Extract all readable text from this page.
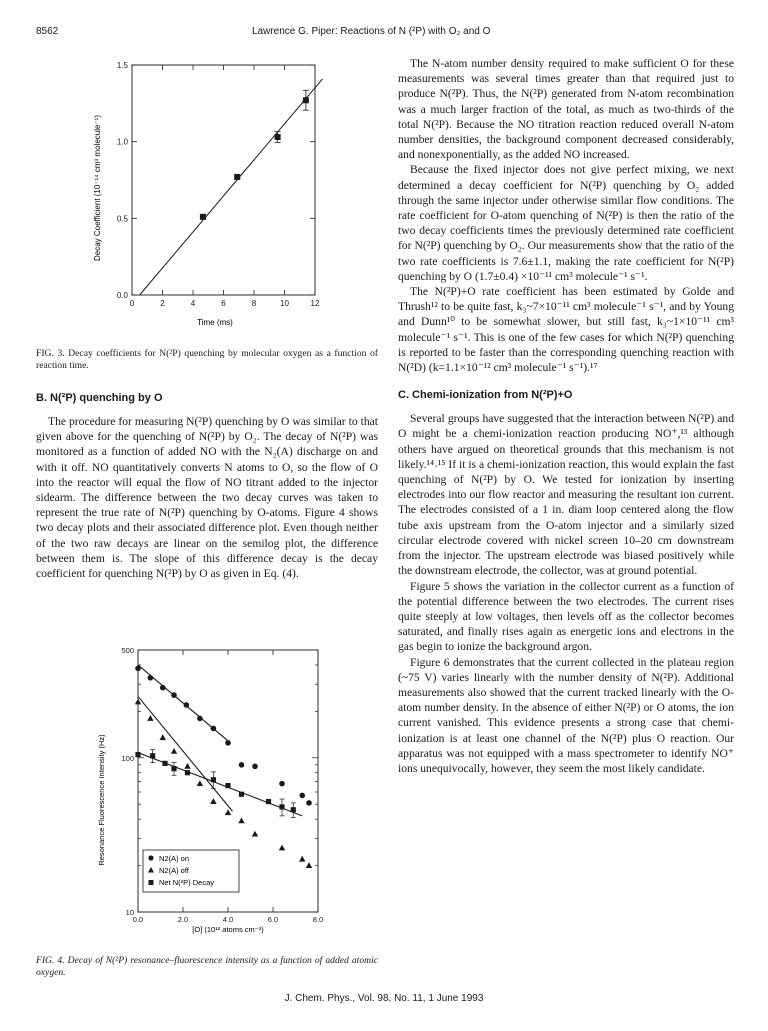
8562	Lawrence G. Piper: Reactions of N (²P) with O₂ and O
0	2	4	6	8	10	12
0.0
0.5
1.0
1.5
Time (ms)
Decay Coefficient (10⁻¹⁴ cm³ molecule⁻¹)

FIG. 3. Decay coefficients for N(²P) quenching by molecular oxygen as a function of reaction time.

B. N(²P) quenching by O

The procedure for measuring N(²P) quenching by O was similar to that given above for the quenching of N(²P) by O₂. The decay of N(²P) was monitored as a function of added NO with the N₂(A) discharge on and with it off. NO quantitatively converts N atoms to O, so the flow of O into the reactor will equal the flow of NO titrant added to the injector sidearm. The difference between the two decay curves was taken to represent the true rate of N(²P) quenching by O-atoms. Figure 4 shows two decay plots and their associated difference plot. Even though neither of the two raw decays are linear on the semilog plot, the difference between them is. The slope of this difference decay is the decay coefficient for quenching N(²P) by O as given in Eq. (4).

0.0	2.0	4.0	6.0	8.0
10
100
500
N2(A) on
N2(A) off
Net N(²P) Decay
[O] (10¹² atoms cm⁻³)
Resonance Fluorescence Intensity (Hz)

FIG. 4. Decay of N(²P) resonance–fluorescence intensity as a function of added atomic oxygen.

The N-atom number density required to make sufficient O for these measurements was several times greater than that required just to produce N(²P). Thus, the N(²P) generated from N-atom recombination was a much larger fraction of the total, as much as two-thirds of the total N(²P). Because the NO titration reaction reduced overall N-atom number densities, the background component decreased considerably, and nonexponentially, as the added NO increased.

Because the fixed injector does not give perfect mixing, we next determined a decay coefficient for N(²P) quenching by O₂ added through the same injector under otherwise similar flow conditions. The rate coefficient for O-atom quenching of N(²P) is then the ratio of the two decay coefficients times the previously determined rate coefficient for N(²P) quenching by O₂. Our measurements show that the ratio of the two rate coefficients is 7.6±1.1, making the rate coefficient for N(²P) quenching by O (1.7±0.4) ×10⁻¹¹ cm³ molecule⁻¹ s⁻¹.

The N(²P)+O rate coefficient has been estimated by Golde and Thrush¹² to be quite fast, k₃~7×10⁻¹¹ cm³ molecule⁻¹ s⁻¹, and by Young and Dunn¹⁰ to be somewhat slower, but still fast, k₃~1×10⁻¹¹ cm³ molecule⁻¹ s⁻¹. This is one of the few cases for which N(²P) quenching is reported to be faster than the corresponding quenching reaction with N(²D) (k=1.1×10⁻¹² cm³ molecule⁻¹ s⁻¹).¹⁷

C. Chemi-ionization from N(²P)+O

Several groups have suggested that the interaction between N(²P) and O might be a chemi-ionization reaction producing NO⁺,¹³ although others have argued on theoretical grounds that this mechanism is not likely.¹⁴˒¹⁵ If it is a chemi-ionization reaction, this would explain the fast quenching of N(²P) by O. We tested for ionization by inserting electrodes into our flow reactor and measuring the resultant ion current. The electrodes consisted of a 1 in. diam loop centered along the flow tube axis upstream from the O-atom injector and a similarly sized circular electrode covered with nickel screen 10–20 cm downstream from the injector. The upstream electrode was biased positively while the downstream electrode, the collector, was at ground potential.

Figure 5 shows the variation in the collector current as a function of the potential difference between the two electrodes. The current rises quite steeply at low voltages, then levels off as the collector becomes saturated, and finally rises again as energetic ions and electrons in the gas begin to ionize the background argon.

Figure 6 demonstrates that the current collected in the plateau region (~75 V) varies linearly with the number density of N(²P). Additional measurements also showed that the current tracked linearly with the O-atom number density. In the absence of either N(²P) or O atoms, the ion current vanished. This evidence presents a strong case that chemi-ionization is at least one channel of the N(²P) plus O reaction. Our apparatus was not equipped with a mass spectrometer to identify NO⁺ ions unequivocally, however, they seem the most likely candidate.

J. Chem. Phys., Vol. 98, No. 11, 1 June 1993
